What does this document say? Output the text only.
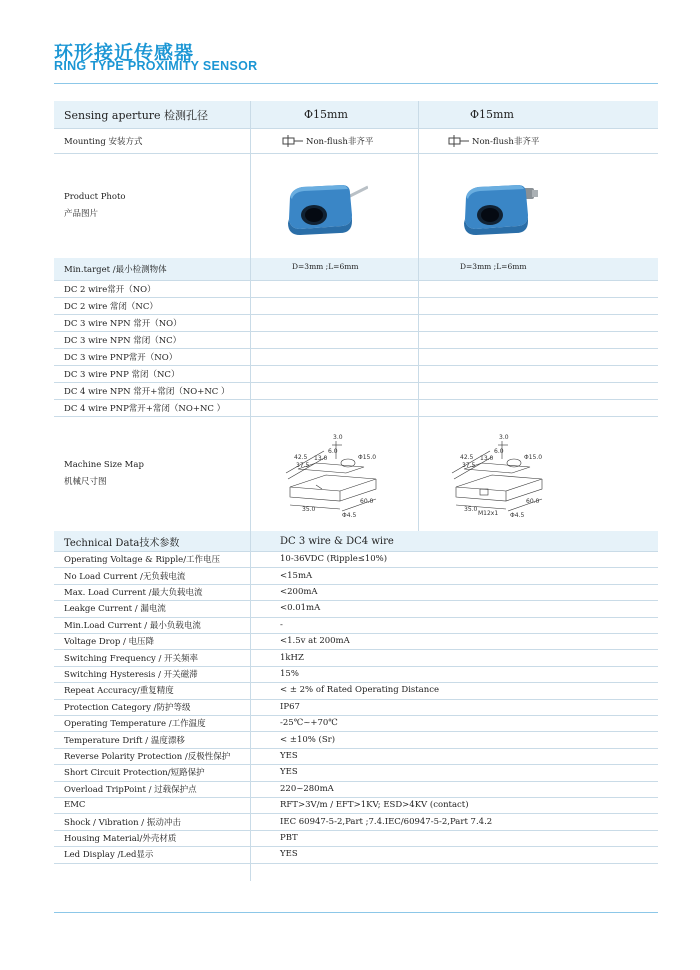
环形接近传感器
RING TYPE PROXIMITY SENSOR
Sensing aperture 检测孔径	Φ15mm	Φ15mm
Mounting 安装方式	Non-flush非齐平	Non-flush非齐平
Product Photo
产品图片
Min.target /最小检测物体	D=3mm ;L=6mm	D=3mm ;L=6mm
DC 2 wire常开（NO）
DC 2 wire 常闭（NC）
DC 3 wire NPN 常开（NO）
DC 3 wire NPN 常闭（NC）
DC 3 wire PNP常开（NO）
DC 3 wire PNP 常闭（NC）
DC 4 wire NPN 常开+常闭（NO+NC ）
DC 4 wire PNP常开+常闭（NO+NC ）
Machine Size Map
机械尺寸图
3.0
6.0
42.5
37.5
13.0	Φ15.0
35.0
60.0
Φ4.5
3.0
6.0
42.5
37.5
13.0	Φ15.0
35.0
60.0
Φ4.5
M12x1
Technical Data技术参数	DC 3 wire & DC4 wire
Operating Voltage & Ripple/工作电压	10-36VDC (Ripple≤10%)
No Load Current /无负载电流	<15mA
Max. Load Current /最大负载电流	<200mA
Leakge Current / 漏电流	<0.01mA
Min.Load Current / 最小负载电流	-
Voltage Drop / 电压降	<1.5v at 200mA
Switching Frequency / 开关频率	1kHZ
Switching Hysteresis / 开关磁滞	15%
Repeat Accuracy/重复精度	< ± 2% of Rated Operating Distance
Protection Category /防护等级	IP67
Operating Temperature /工作温度	-25℃~+70℃
Temperature Drift / 温度漂移	< ±10% (Sr)
Reverse Polarity Protection /反极性保护	YES
Short Circuit Protection/短路保护	YES
Overload TripPoint / 过载保护点	220~280mA
EMC	RFT>3V/m / EFT>1KV; ESD>4KV (contact)
Shock / Vibration / 振动冲击	IEC 60947-5-2,Part ;7.4.IEC/60947-5-2,Part 7.4.2
Housing Material/外壳材质	PBT
Led Display /Led显示	YES
